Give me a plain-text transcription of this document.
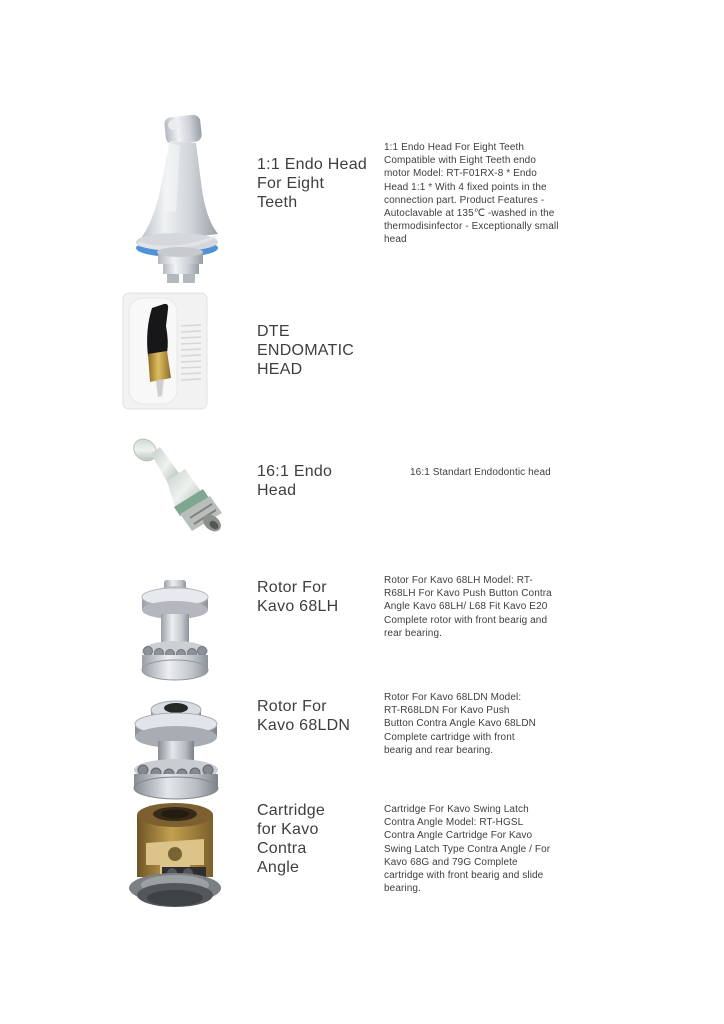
1:1 Endo Head For Eight Teeth

1:1 Endo Head For Eight Teeth Compatible with Eight Teeth endo motor Model: RT-F01RX-8 * Endo Head 1:1 * With 4 fixed points in the connection part. Product Features -Autoclavable at 135℃ -washed in the thermodisinfector - Exceptionally small head

DTE ENDOMATIC HEAD
16:1 Endo Head

16:1 Standart Endodontic head

Rotor For Kavo 68LH

Rotor For Kavo 68LH Model: RT-R68LH For Kavo Push Button Contra Angle Kavo 68LH/ L68 Fit Kavo E20 Complete rotor with front bearig and rear bearing.

Rotor For Kavo 68LDN

Rotor For Kavo 68LDN Model: RT-R68LDN For Kavo Push Button Contra Angle Kavo 68LDN Complete cartridge with front bearig and rear bearing.

Cartridge for Kavo Contra Angle

Cartridge For Kavo Swing Latch Contra Angle Model: RT-HGSL Contra Angle Cartridge For Kavo Swing Latch Type Contra Angle / For Kavo 68G and 79G Complete cartridge with front bearig and slide bearing.
